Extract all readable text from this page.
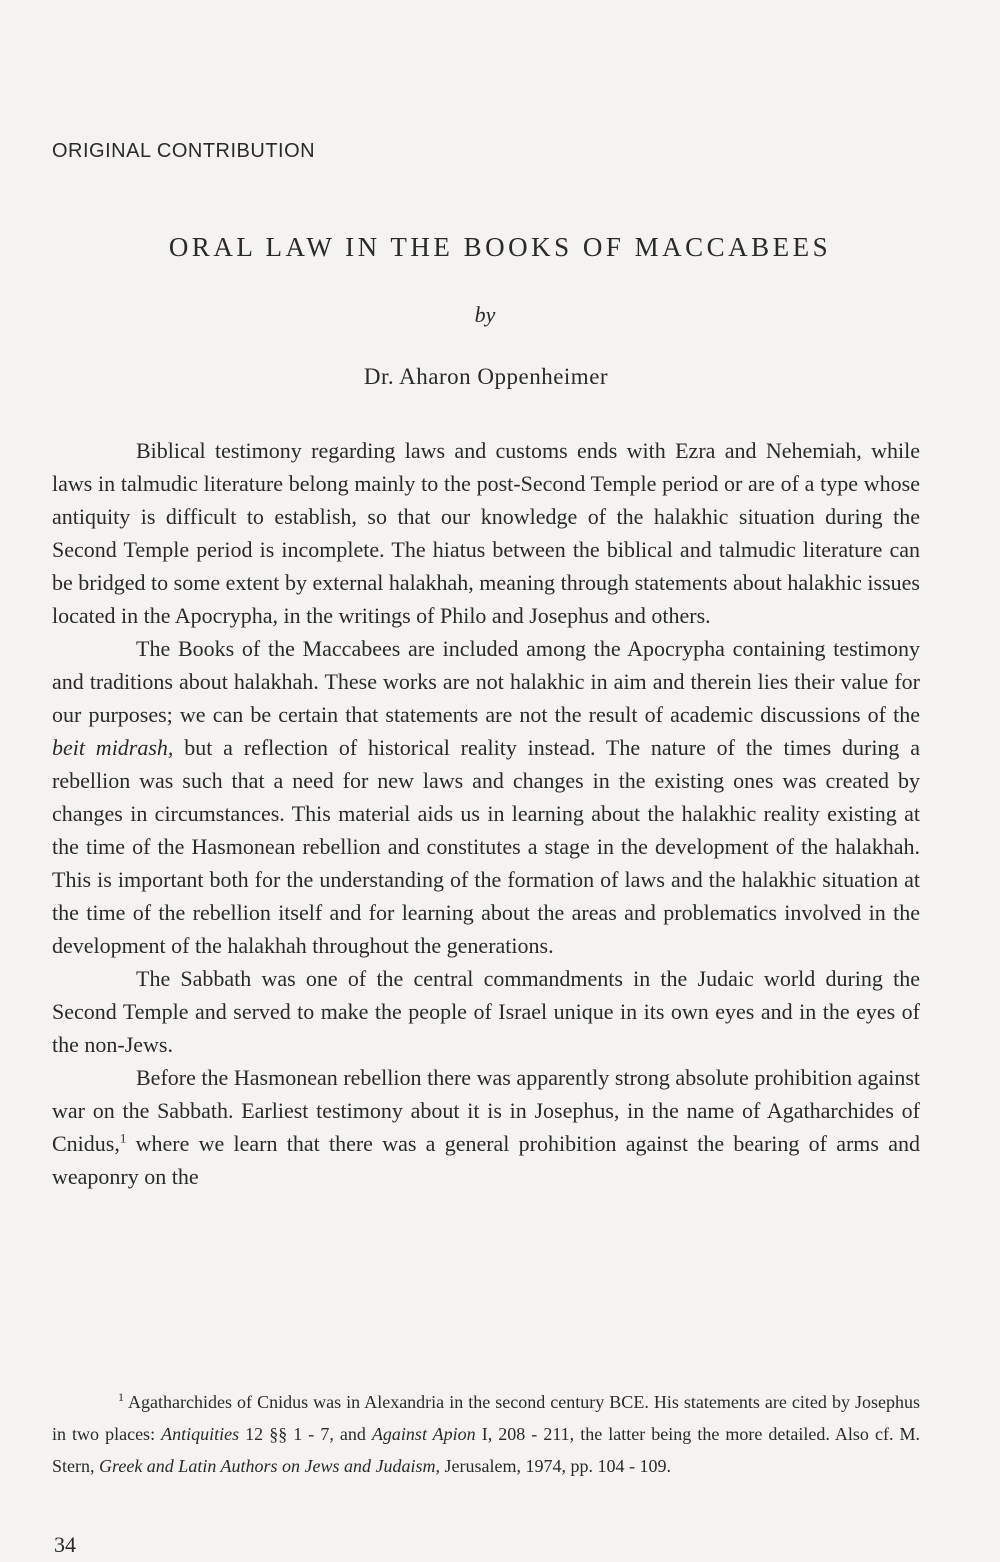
ORIGINAL CONTRIBUTION
ORAL LAW IN THE BOOKS OF MACCABEES
by
Dr. Aharon Oppenheimer

Biblical testimony regarding laws and customs ends with Ezra and Nehemiah, while laws in talmudic literature belong mainly to the post-Second Temple period or are of a type whose antiquity is difficult to establish, so that our knowledge of the halakhic situation during the Second Temple period is incomplete. The hiatus between the biblical and talmudic literature can be bridged to some extent by external halakhah, meaning through statements about halakhic issues located in the Apocrypha, in the writings of Philo and Josephus and others.

The Books of the Maccabees are included among the Apocrypha containing testimony and traditions about halakhah. These works are not halakhic in aim and therein lies their value for our purposes; we can be certain that statements are not the result of academic discussions of the beit midrash, but a reflection of historical reality instead. The nature of the times during a rebellion was such that a need for new laws and changes in the existing ones was created by changes in circumstances. This material aids us in learning about the halakhic reality existing at the time of the Hasmonean rebellion and constitutes a stage in the development of the halakhah. This is important both for the understanding of the formation of laws and the halakhic situation at the time of the rebellion itself and for learning about the areas and problematics involved in the development of the halakhah throughout the generations.

The Sabbath was one of the central commandments in the Judaic world during the Second Temple and served to make the people of Israel unique in its own eyes and in the eyes of the non-Jews.

Before the Hasmonean rebellion there was apparently strong absolute prohibition against war on the Sabbath. Earliest testimony about it is in Josephus, in the name of Agatharchides of Cnidus,$^1$ where we learn that there was a general prohibition against the bearing of arms and weaponry on the

$^1$ Agatharchides of Cnidus was in Alexandria in the second century BCE. His statements are cited by Josephus in two places: Antiquities 12 §§ 1 - 7, and Against Apion I, 208 - 211, the latter being the more detailed. Also cf. M. Stern, Greek and Latin Authors on Jews and Judaism, Jerusalem, 1974, pp. 104 - 109.

34
